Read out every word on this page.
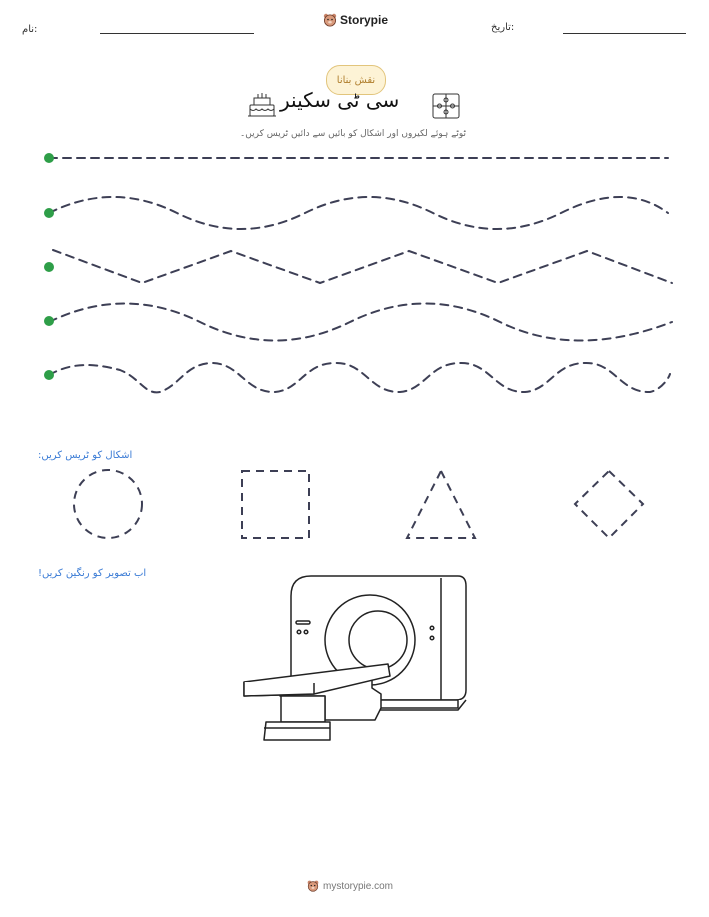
نام:
Storypie
تاریخ:
نقش بنانا
سی ٹی سکینر
ٹوٹے ہوئے لکیروں اور اشکال کو بائیں سے دائیں ٹریس کریں۔
اشکال کو ٹریس کریں:
اب تصویر کو رنگین کریں!
mystorypie.com
